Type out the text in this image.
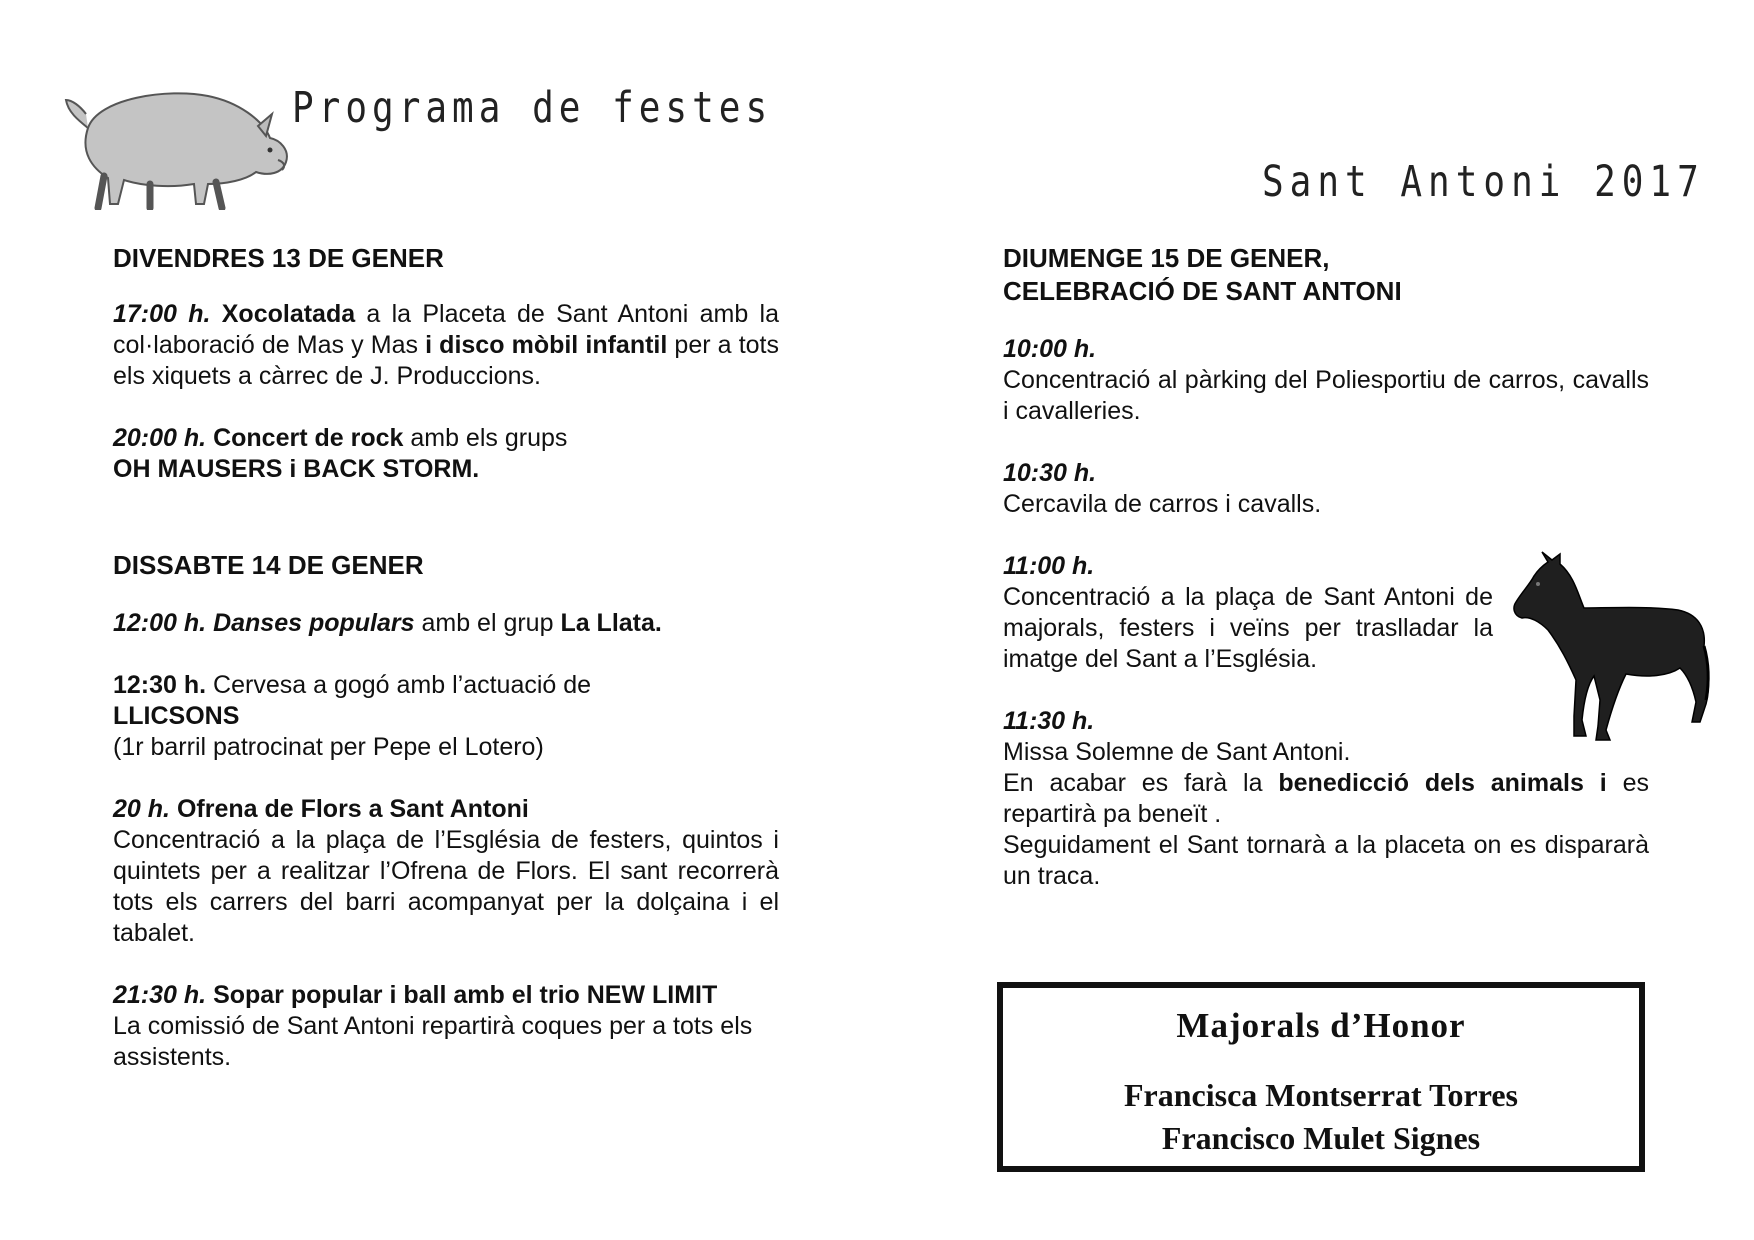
Programa de festes
Sant Antoni 2017

DIVENDRES 13 DE GENER

17:00 h. Xocolatada a la Placeta de Sant Antoni amb la col·laboració de Mas y Mas i disco mòbil infantil per a tots els xiquets a càrrec de J. Produccions.

20:00 h. Concert de rock amb els grups
OH MAUSERS i BACK STORM.

DISSABTE 14 DE GENER

12:00 h. Danses populars amb el grup La Llata.

12:30 h. Cervesa a gogó amb l’actuació de
LLICSONS
(1r barril patrocinat per Pepe el Lotero)

20 h. Ofrena de Flors a Sant Antoni
Concentració a la plaça de l’Església de festers, quintos i quintets per a realitzar l’Ofrena de Flors. El sant recorrerà tots els carrers del barri acompanyat per la dolçaina i el tabalet.

21:30 h. Sopar popular i ball amb el trio NEW LIMIT
La comissió de Sant Antoni repartirà coques per a tots els assistents.

DIUMENGE 15 DE GENER,

CELEBRACIÓ DE SANT ANTONI

10:00 h.
Concentració al pàrking del Poliesportiu de carros, cavalls i cavalleries.

10:30 h.
Cercavila de carros i cavalls.

11:00 h.
Concentració a la plaça de Sant Antoni de majorals, festers i veïns per traslladar la imatge del Sant a l’Església.

11:30 h.
Missa Solemne de Sant Antoni.
En acabar es farà la benedicció dels animals i es repartirà pa beneït .
Seguidament el Sant tornarà a la placeta on es dispararà un traca.

Majorals d’Honor
Francisca Montserrat Torres
Francisco Mulet Signes
